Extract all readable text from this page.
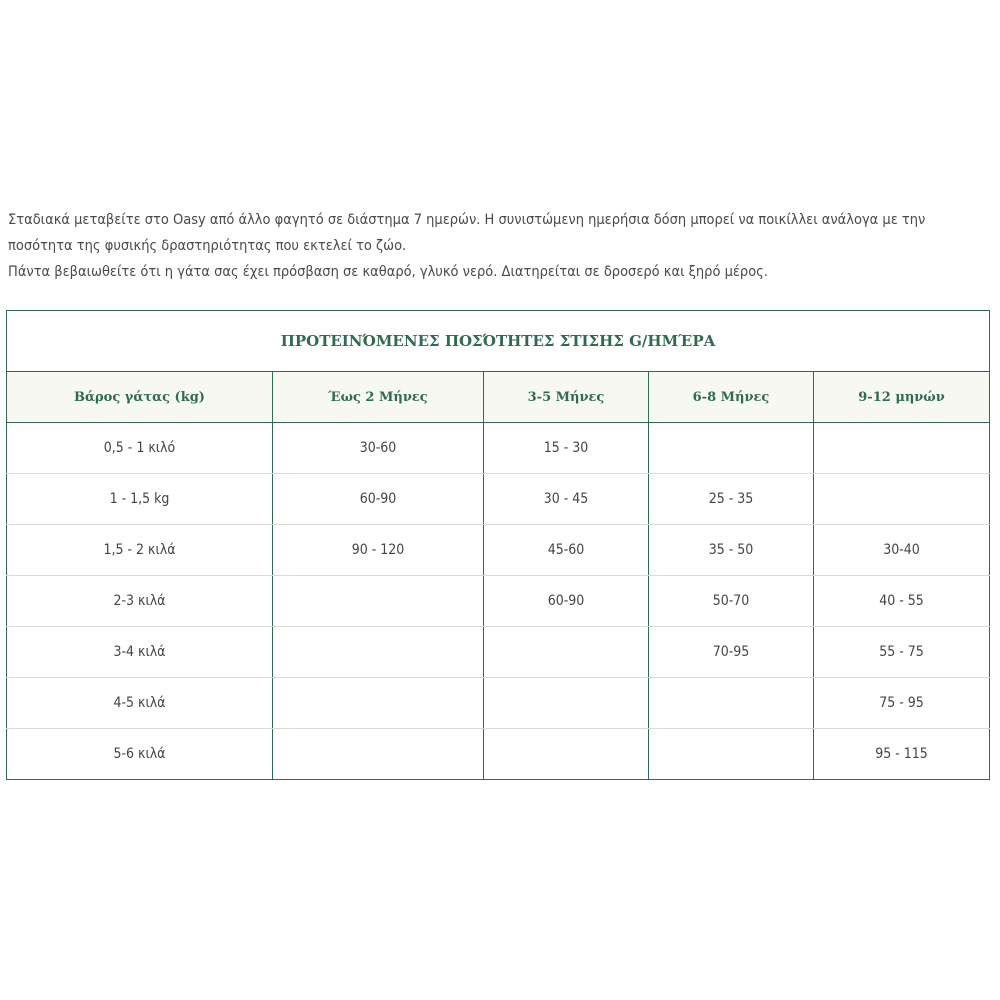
Σταδιακά μεταβείτε στο Oasy από άλλο φαγητό σε διάστημα 7 ημερών. Η συνιστώμενη ημερήσια δόση μπορεί να ποικίλλει ανάλογα με την

ποσότητα της φυσικής δραστηριότητας που εκτελεί το ζώο.

Πάντα βεβαιωθείτε ότι η γάτα σας έχει πρόσβαση σε καθαρό, γλυκό νερό. Διατηρείται σε δροσερό και ξηρό μέρος.

ΠΡΟΤΕΙΝΌΜΕΝΕΣ ΠΟΣΌΤΗΤΕΣ ΣΤΙΣΗΣ G/ΗΜΈΡΑ				
Βάρος γάτας (kg)	Έως 2 Μήνες	3-5 Μήνες	6-8 Μήνες	9-12 μηνών
0,5 - 1 κιλό	30-60	15 - 30		
1 - 1,5 kg	60-90	30 - 45	25 - 35	
1,5 - 2 κιλά	90 - 120	45-60	35 - 50	30-40
2-3 κιλά		60-90	50-70	40 - 55
3-4 κιλά			70-95	55 - 75
4-5 κιλά				75 - 95
5-6 κιλά				95 - 115
